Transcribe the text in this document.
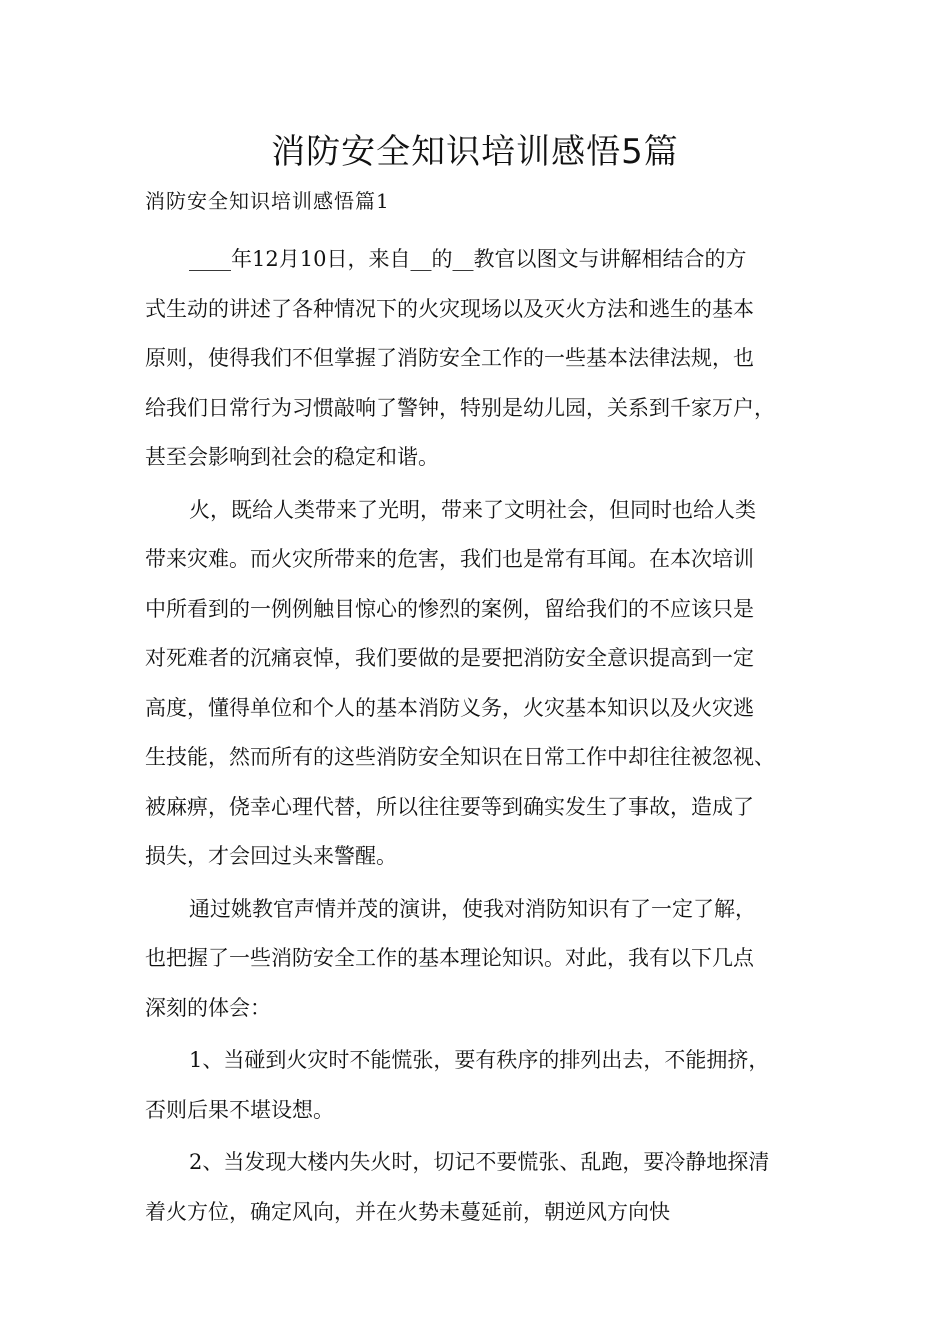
消防安全知识培训感悟5篇

消防安全知识培训感悟篇1

____年12月10日，来自__的__教官以图文与讲解相结合的方
式生动的讲述了各种情况下的火灾现场以及灭火方法和逃生的基本
原则，使得我们不但掌握了消防安全工作的一些基本法律法规，也
给我们日常行为习惯敲响了警钟，特别是幼儿园，关系到千家万户，
甚至会影响到社会的稳定和谐。

火，既给人类带来了光明，带来了文明社会，但同时也给人类
带来灾难。而火灾所带来的危害，我们也是常有耳闻。在本次培训
中所看到的一例例触目惊心的惨烈的案例，留给我们的不应该只是
对死难者的沉痛哀悼，我们要做的是要把消防安全意识提高到一定
高度，懂得单位和个人的基本消防义务，火灾基本知识以及火灾逃
生技能，然而所有的这些消防安全知识在日常工作中却往往被忽视、
被麻痹，侥幸心理代替，所以往往要等到确实发生了事故，造成了
损失，才会回过头来警醒。

通过姚教官声情并茂的演讲，使我对消防知识有了一定了解，
也把握了一些消防安全工作的基本理论知识。对此，我有以下几点
深刻的体会：

1、当碰到火灾时不能慌张，要有秩序的排列出去，不能拥挤，
否则后果不堪设想。

2、当发现大楼内失火时，切记不要慌张、乱跑，要冷静地探清
着火方位，确定风向，并在火势未蔓延前，朝逆风方向快
